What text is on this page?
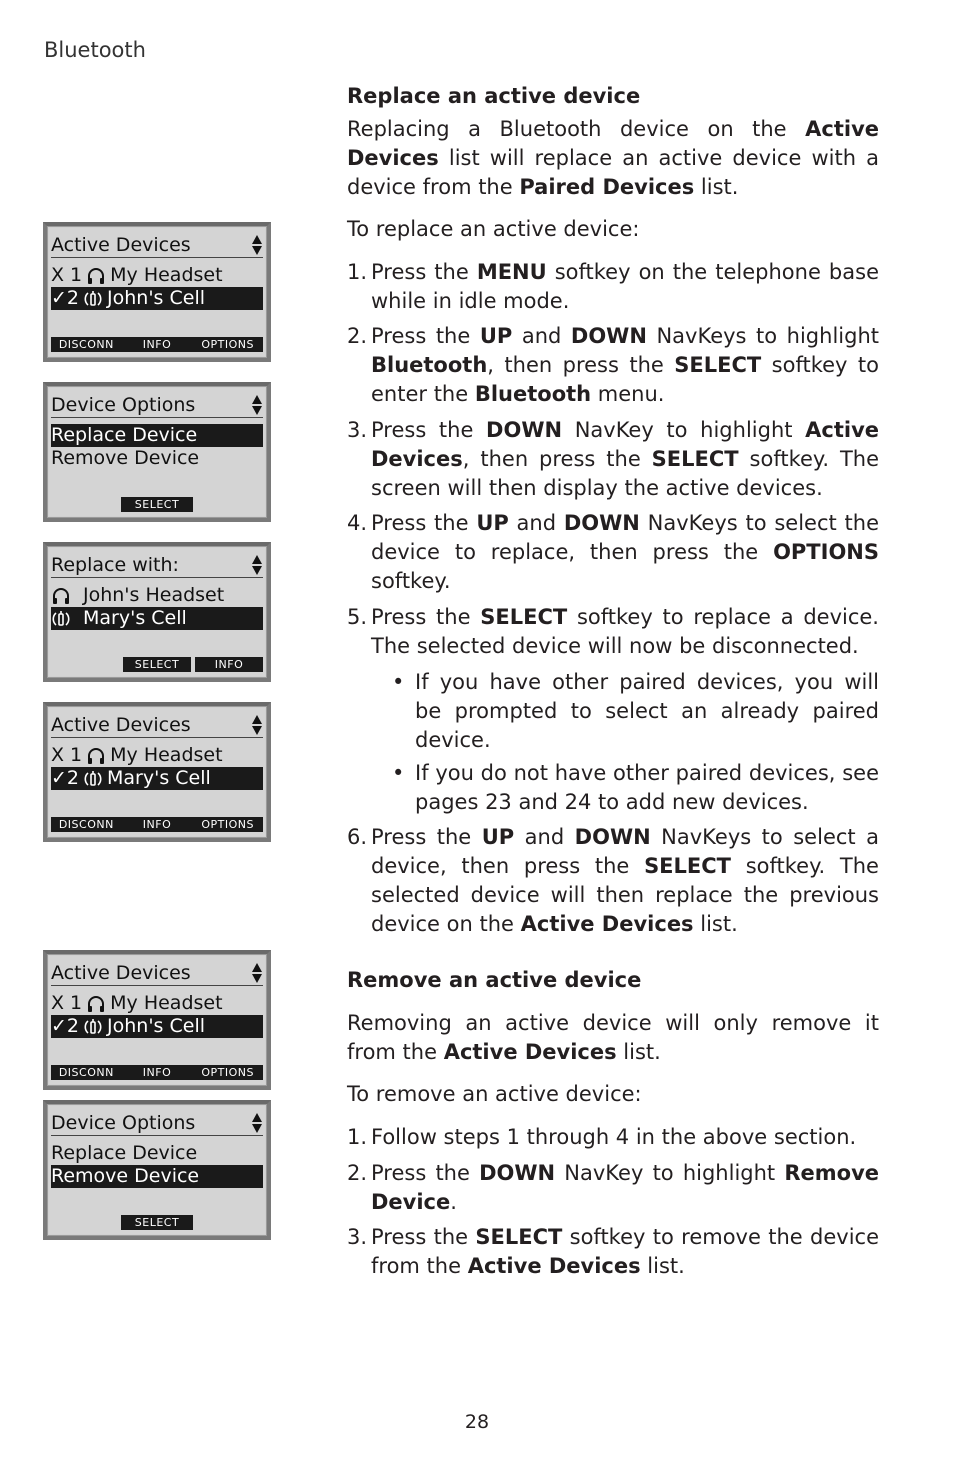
Bluetooth
Active Devices
X 1 My Headset
✓2 John's Cell
DISCONN	INFO	OPTIONS
Device Options
Replace Device
Remove Device
SELECT
Replace with:
John's Headset
Mary's Cell
SELECT	INFO
Active Devices
X 1 My Headset
✓2 Mary's Cell
DISCONN	INFO	OPTIONS
Active Devices
X 1 My Headset
✓2 John's Cell
DISCONN	INFO	OPTIONS
Device Options
Replace Device
Remove Device
SELECT
Replace an active device
Replacing a Bluetooth device on the Active Devices list will replace an active device with a device from the Paired Devices list.
To replace an active device:
1. Press the MENU softkey on the telephone base while in idle mode.
2. Press the UP and DOWN NavKeys to highlight Bluetooth, then press the SELECT softkey to enter the Bluetooth menu.
3. Press the DOWN NavKey to highlight Active Devices, then press the SELECT softkey. The screen will then display the active devices.
4. Press the UP and DOWN NavKeys to select the device to replace, then press the OPTIONS softkey.
5. Press the SELECT softkey to replace a device. The selected device will now be disconnected.
• If you have other paired devices, you will be prompted to select an already paired device.
• If you do not have other paired devices, see pages 23 and 24 to add new devices.
6. Press the UP and DOWN NavKeys to select a device, then press the SELECT softkey. The selected device will then replace the previous device on the Active Devices list.
Remove an active device
Removing an active device will only remove it from the Active Devices list.
To remove an active device:
1. Follow steps 1 through 4 in the above section.
2. Press the DOWN NavKey to highlight Remove Device.
3. Press the SELECT softkey to remove the device from the Active Devices list.
28
